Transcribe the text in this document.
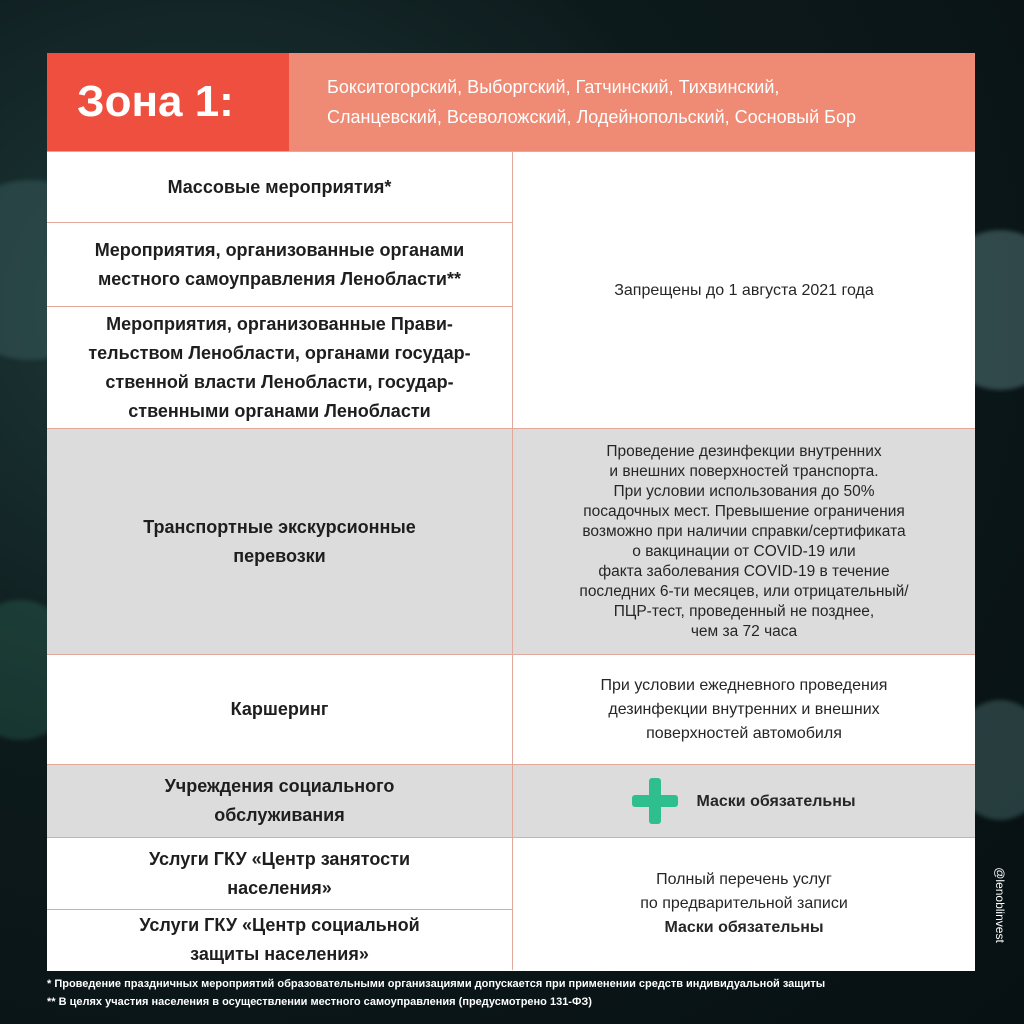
Зона 1:	Бокситогорский, Выборгский, Гатчинский, Тихвинский,
Сланцевский, Всеволожский, Лодейнопольский, Сосновый Бор
Массовые мероприятия*
Мероприятия, организованные органами
местного самоуправления Ленобласти**
Мероприятия, организованные Прави-
тельством Ленобласти, органами государ-
ственной власти Ленобласти, государ-
ственными органами Ленобласти
Запрещены до 1 августа 2021 года
Транспортные экскурсионные
перевозки
Проведение дезинфекции внутренних
и внешних поверхностей транспорта.
При условии использования до 50%
посадочных мест. Превышение ограничения
возможно при наличии справки/сертификата
о вакцинации от COVID-19 или
факта заболевания COVID-19 в течение
последних 6-ти месяцев, или отрицательный/
ПЦР-тест, проведенный не позднее,
чем за 72 часа
Каршеринг
При условии ежедневного проведения
дезинфекции внутренних и внешних
поверхностей автомобиля
Учреждения социального
обслуживания
Маски обязательны
Услуги ГКУ «Центр занятости
населения»
Услуги ГКУ «Центр социальной
защиты населения»
Полный перечень услуг
по предварительной записи
Маски обязательны
* Проведение праздничных мероприятий образовательными организациями допускается при применении средств индивидуальной защиты
** В целях участия населения в осуществлении местного самоуправления (предусмотрено 131-ФЗ)
@lenoblinvest
